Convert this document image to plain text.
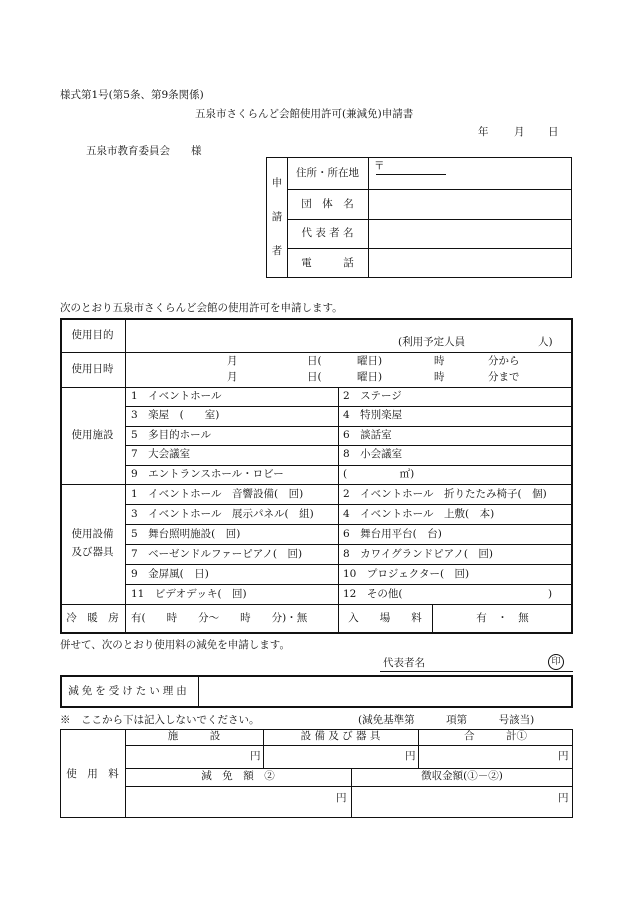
様式第1号(第5条、第9条関係)
五泉市さくらんど会館使用許可(兼減免)申請書
年 月 日
五泉市教育委員会　　様
申
請
者
住所・所在地
〒
団　体　名
代 表 者 名
電　　　話
次のとおり五泉市さくらんど会館の使用許可を申請します。
使用目的
(利用予定人員	人)
使用日時
月	日(	曜日)	時	分から
月	日(	曜日)	時	分まで
使用施設
1　イベントホール	2　ステージ
3　楽屋　(　　室)	4　特別楽屋
5　多目的ホール	6　談話室
7　大会議室	8　小会議室
9　エントランスホール・ロビー	(　　　　　㎡)
使用設備
及び器具
1　イベントホール　音響設備(　回)	2　イベントホール　折りたたみ椅子(　個)
3　イベントホール　展示パネル(　組)	4　イベントホール　上敷(　本)
5　舞台照明施設(　回)	6　舞台用平台(　台)
7　ベーゼンドルファーピアノ(　回)	8　カワイグランドピアノ(　回)
9　金屏風(　日)	10　プロジェクター(　回)
11　ビデオデッキ(　回)	12　その他(	)
冷　暖　房	有(　　時　　分～　　時　　分)・無	入　　場　　料	有　・　無
併せて、次のとおり使用料の減免を申請します。
代表者名	印
減免を受けたい理由
※　ここから下は記入しないでください。	(減免基準第　　　項第　　　号該当)
使　用　料
施　　　設	設 備 及 び 器 具	合　　　計①
円	円	円
減　免　額　②	徴収金額(①－②)
円	円
